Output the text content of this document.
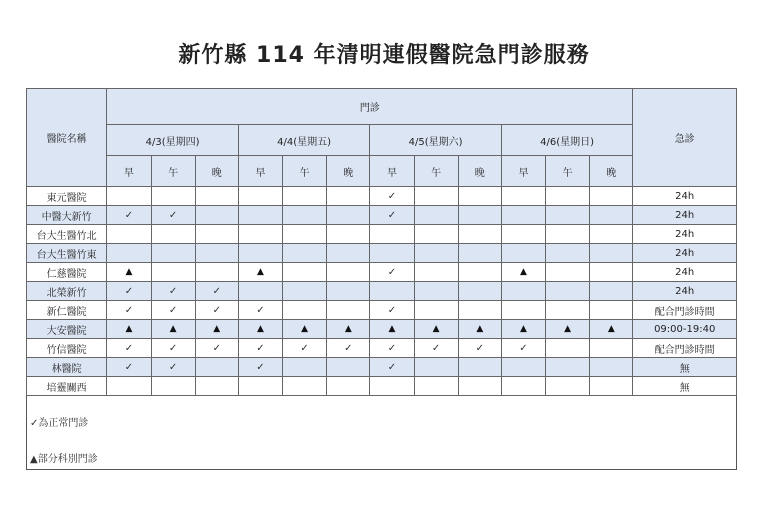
新竹縣 114 年清明連假醫院急門診服務
醫院名稱	門診												急診
	4/3(星期四)			4/4(星期五)			4/5(星期六)			4/6(星期日)			
	早	午	晚	早	午	晚	早	午	晚	早	午	晚	
東元醫院							✓						24h
中醫大新竹	✓	✓					✓						24h
台大生醫竹北													24h
台大生醫竹東													24h
仁慈醫院	▲			▲			✓			▲			24h
北榮新竹	✓	✓	✓										24h
新仁醫院	✓	✓	✓	✓			✓						配合門診時間
大安醫院	▲	▲	▲	▲	▲	▲	▲	▲	▲	▲	▲	▲	09:00-19:40
竹信醫院	✓	✓	✓	✓	✓	✓	✓	✓	✓	✓			配合門診時間
林醫院	✓	✓		✓			✓						無
培靈關西													無
✓為正常門診
▲部分科別門診
